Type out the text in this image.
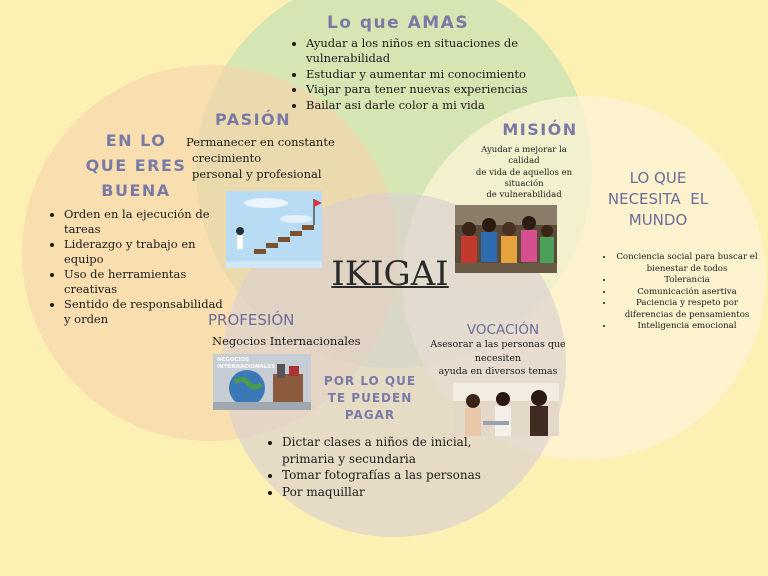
Lo que AMAS
• Ayudar a los niños en situaciones de vulnerabilidad
• Estudiar y aumentar mi conocimiento
• Viajar para tener nuevas experiencias
• Bailar asi darle color a mi vida
PASIÓN
Permanecer en constante
crecimiento
personal y profesional
EN LO
QUE ERES
BUENA
• Orden en la ejecución de tareas
• Liderazgo y trabajo en equipo
• Uso de herramientas creativas
• Sentido de responsabilidad y orden
MISIÓN
Ayudar a mejorar la
calidad
de vida de aquellos en
situación
de vulnerabilidad
LO QUE
NECESITA  EL
MUNDO
• Conciencia social para buscar el bienestar de todos
• Tolerancia
• Comunicación asertiva
• Paciencia y respeto por diferencias de pensamientos
• Inteligencia emocional
IKIGAI
PROFESIÓN
Negocios Internacionales
NEGOCIOS INTERNACIONALES
VOCACIÓN
Asesorar a las personas que
necesiten
ayuda en diversos temas
POR LO QUE
TE PUEDEN
PAGAR
• Dictar clases a niños de inicial, primaria y secundaria
• Tomar fotografías a las personas
• Por maquillar
